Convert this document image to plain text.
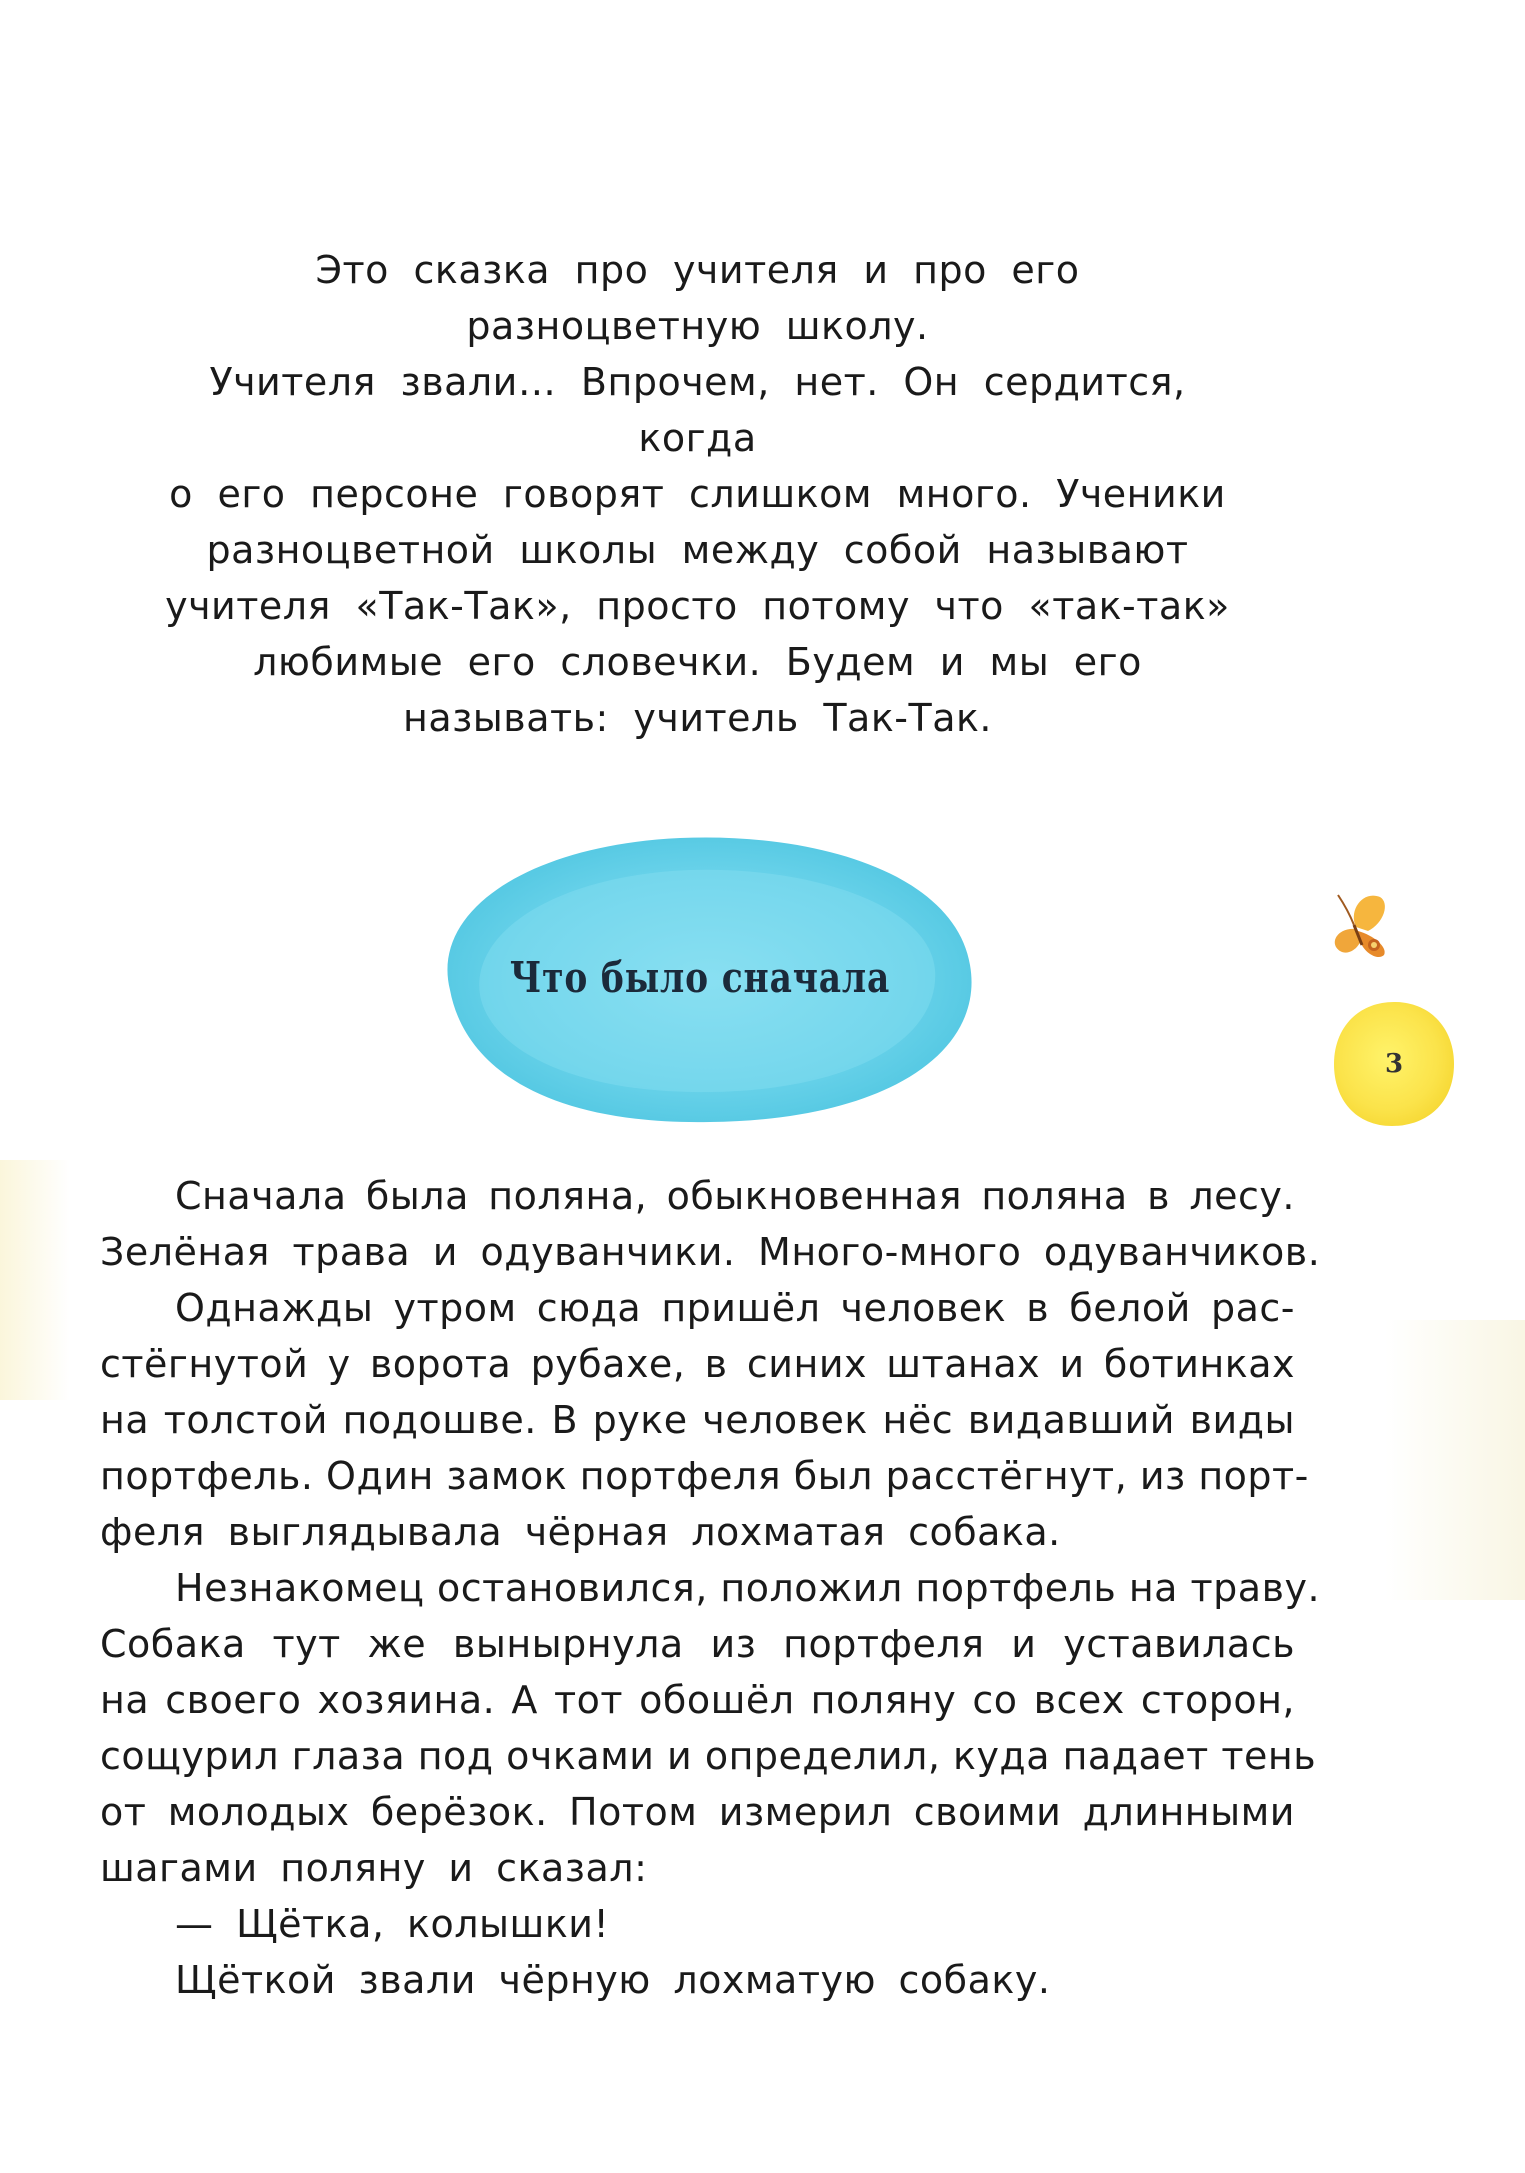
Это сказка про учителя и про его
разноцветную школу.
Учителя звали… Впрочем, нет. Он сердится, когда
о его персоне говорят слишком много. Ученики
разноцветной школы между собой называют
учителя «Так-Так», просто потому что «так-так»
любимые его словечки. Будем и мы его
называть: учитель Так-Так.
Что было сначала
3
Сначала была поляна, обыкновенная поляна в лесу.
Зелёная трава и одуванчики. Много-много одуванчиков.
Однажды утром сюда пришёл человек в белой рас-
стёгнутой у ворота рубахе, в синих штанах и ботинках
на толстой подошве. В руке человек нёс видавший виды
портфель. Один замок портфеля был расстёгнут, из порт-
феля выглядывала чёрная лохматая собака.
Незнакомец остановился, положил портфель на траву.
Собака тут же вынырнула из портфеля и уставилась
на своего хозяина. А тот обошёл поляну со всех сторон,
сощурил глаза под очками и определил, куда падает тень
от молодых берёзок. Потом измерил своими длинными
шагами поляну и сказал:
— Щётка, колышки!
Щёткой звали чёрную лохматую собаку.
